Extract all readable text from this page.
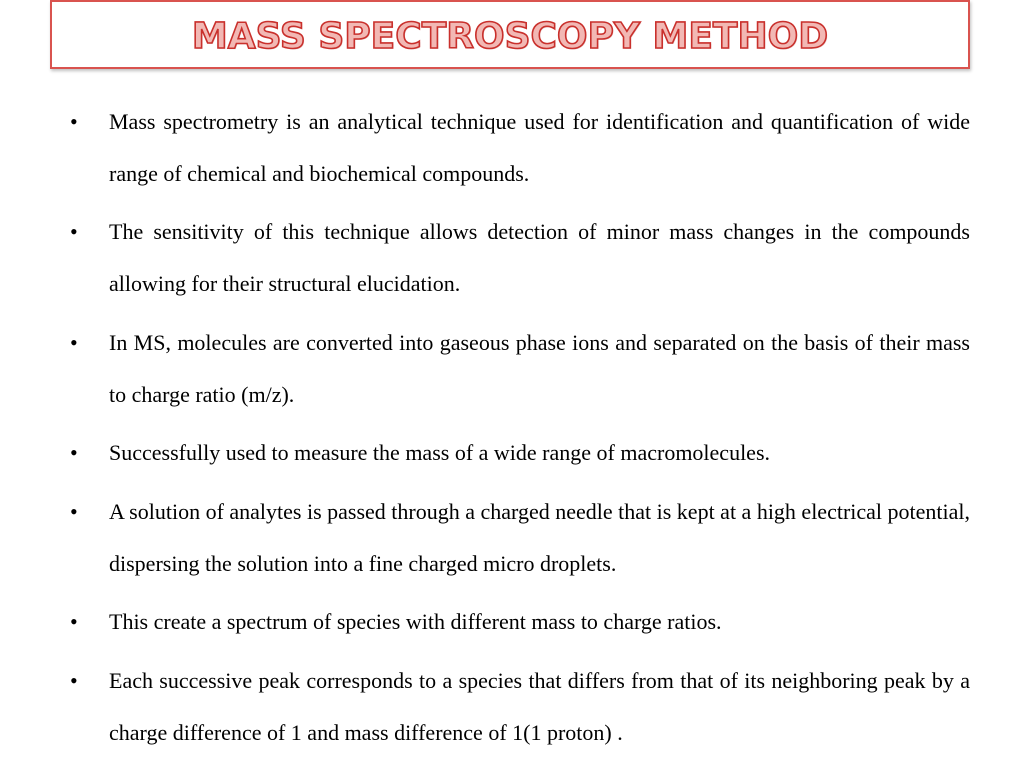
MASS SPECTROSCOPY METHOD
• Mass spectrometry is an analytical technique used for identification and quantification of wide range of chemical and biochemical compounds.

• The sensitivity of this technique allows detection of minor mass changes in the compounds allowing for their structural elucidation.

• In MS, molecules are converted into gaseous phase ions and separated on the basis of their mass to charge ratio (m/z).

• Successfully used to measure the mass of a wide range of macromolecules.

• A solution of analytes is passed through a charged needle that is kept at a high electrical potential, dispersing the solution into a fine charged micro droplets.

• This create a spectrum of species with different mass to charge ratios.

• Each successive peak corresponds to a species that differs from that of its neighboring peak by a charge difference of 1 and mass difference of 1(1 proton) .
